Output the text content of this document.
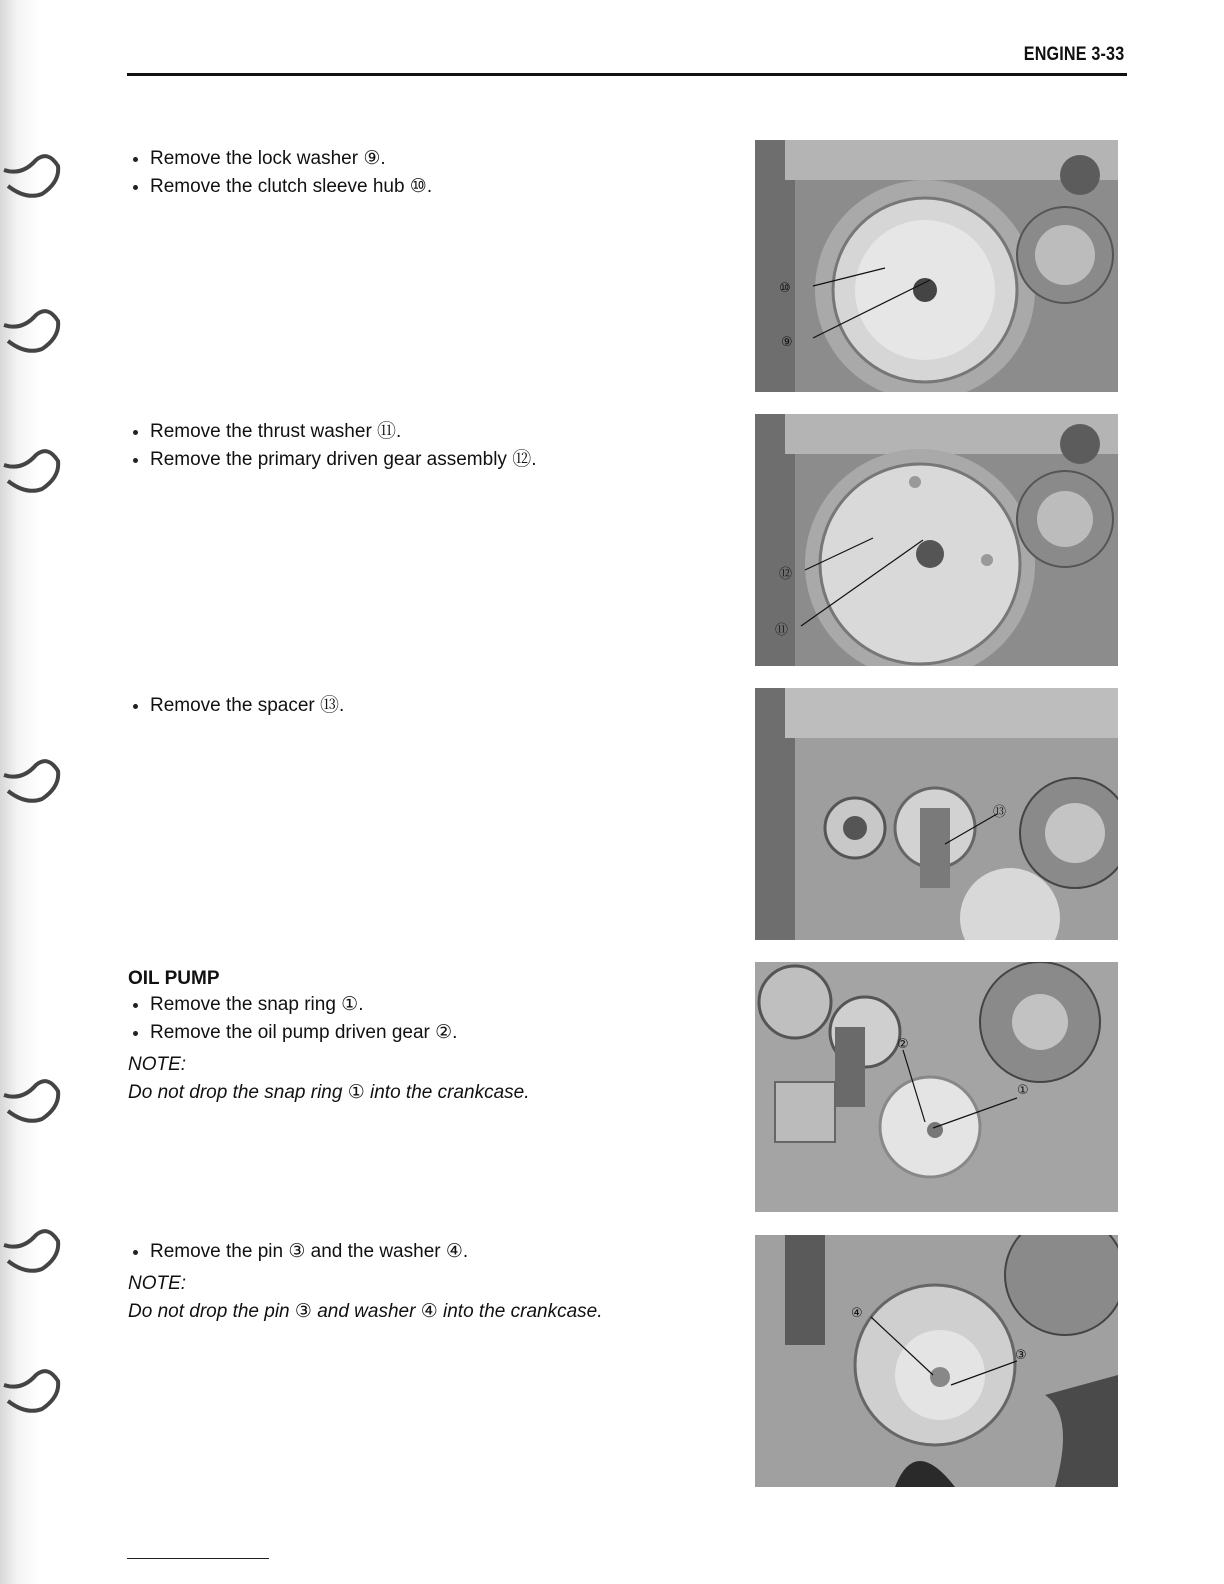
ENGINE 3-33
Remove the lock washer ⑨.
Remove the clutch sleeve hub ⑩.
Remove the thrust washer ⑪.
Remove the primary driven gear assembly ⑫.
Remove the spacer ⑬.
OIL PUMP
Remove the snap ring ①.
Remove the oil pump driven gear ②.
NOTE:
Do not drop the snap ring ① into the crankcase.
Remove the pin ③ and the washer ④.
NOTE:
Do not drop the pin ③ and washer ④ into the crankcase.
⑩
⑨
⑫
⑪
⑬
②
①
④
③
